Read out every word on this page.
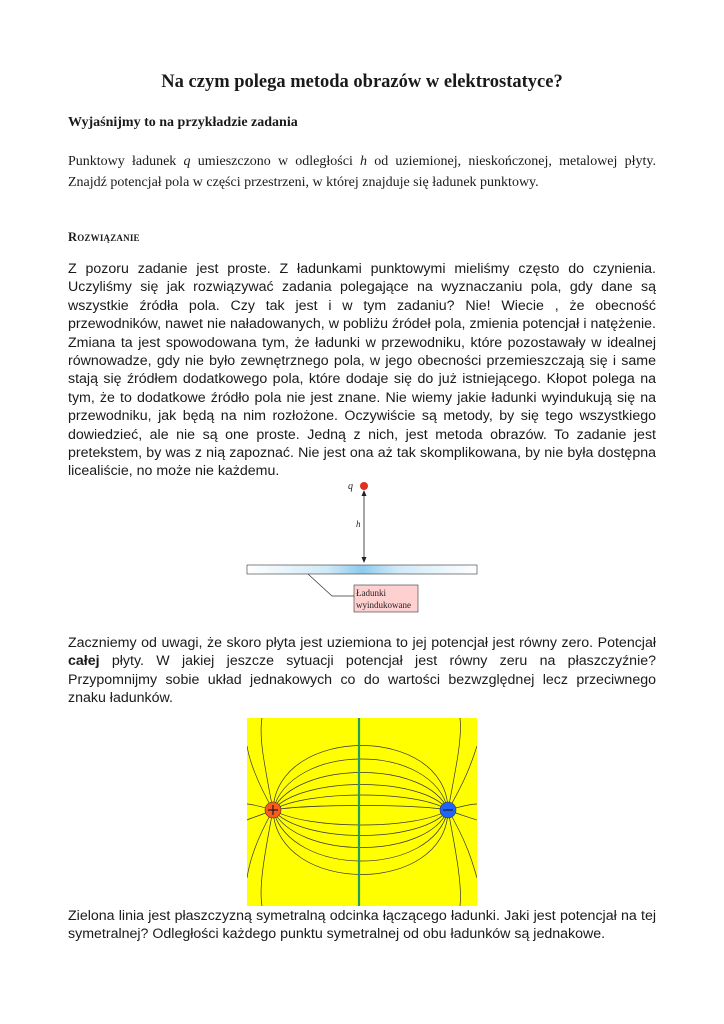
Na czym polega metoda obrazów w elektrostatyce?
Wyjaśnijmy to na przykładzie zadania
Punktowy ładunek q umieszczono w odległości h od uziemionej, nieskończonej, metalowej płyty. Znajdź potencjał pola w części przestrzeni, w której znajduje się ładunek punktowy.
Rozwiązanie
Z pozoru zadanie jest proste. Z ładunkami punktowymi mieliśmy często do czynienia. Uczyliśmy się jak rozwiązywać zadania polegające na wyznaczaniu pola, gdy dane są wszystkie źródła pola. Czy tak jest i w tym zadaniu? Nie! Wiecie , że obecność przewodników, nawet nie naładowanych, w pobliżu źródeł pola, zmienia potencjał i natężenie. Zmiana ta jest spowodowana tym, że ładunki w przewodniku, które pozostawały w idealnej równowadze, gdy nie było zewnętrznego pola, w jego obecności przemieszczają się i same stają się źródłem dodatkowego pola, które dodaje się do już istniejącego. Kłopot polega na tym, że to dodatkowe źródło pola nie jest znane. Nie wiemy jakie ładunki wyindukują się na przewodniku, jak będą na nim rozłożone. Oczywiście są metody, by się tego wszystkiego dowiedzieć, ale nie są one proste. Jedną z nich, jest metoda obrazów. To zadanie jest pretekstem, by was z nią zapoznać. Nie jest ona aż tak skomplikowana, by nie była dostępna licealiście, no może nie każdemu.
q
h
Ładunki
wyindukowane
Zaczniemy od uwagi, że skoro płyta jest uziemiona to jej potencjał jest równy zero. Potencjał całej płyty. W jakiej jeszcze sytuacji potencjał jest równy zeru na płaszczyźnie? Przypomnijmy sobie układ jednakowych co do wartości bezwzględnej lecz przeciwnego znaku ładunków.
Zielona linia jest płaszczyzną symetralną odcinka łączącego ładunki. Jaki jest potencjał na tej symetralnej? Odległości każdego punktu symetralnej od obu ładunków są jednakowe.
